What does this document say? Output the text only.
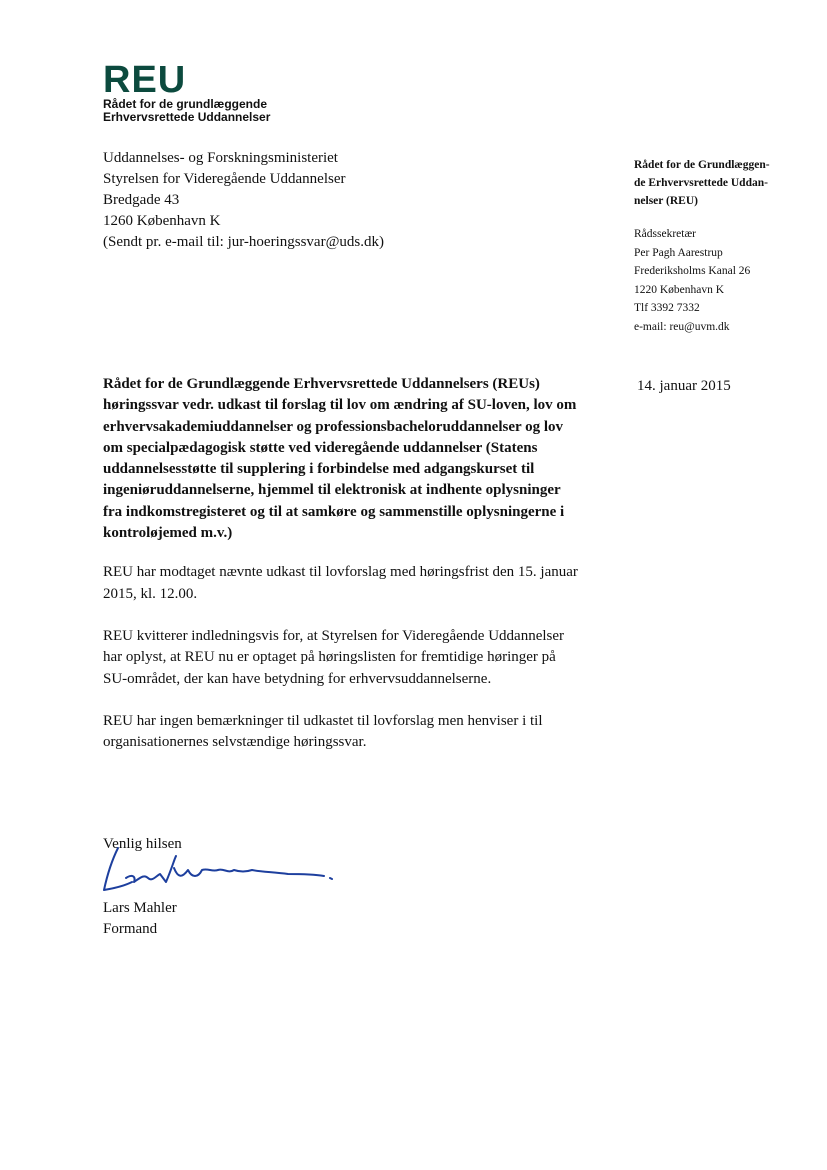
REU
Rådet for de grundlæggende
Erhvervsrettede Uddannelser
Uddannelses- og Forskningsministeriet
Styrelsen for Videregående Uddannelser
Bredgade 43
1260 København K
(Sendt pr. e-mail til: jur-hoeringssvar@uds.dk)
Rådet for de Grundlæggen-
de Erhvervsrettede Uddan-
nelser (REU)
Rådssekretær
Per Pagh Aarestrup
Frederiksholms Kanal 26
1220 København K
Tlf 3392 7332
e-mail: reu@uvm.dk
14. januar 2015

Rådet for de Grundlæggende Erhvervsrettede Uddannelsers (REUs) høringssvar vedr. udkast til forslag til lov om ændring af SU-loven, lov om erhvervsakademiuddannelser og professionsbacheloruddannelser og lov om specialpædagogisk støtte ved videregående uddannelser (Statens uddannelsesstøtte til supplering i forbindelse med adgangskurset til ingeniøruddannelserne, hjemmel til elektronisk at indhente oplysninger fra indkomstregisteret og til at samkøre og sammenstille oplysningerne i kontroløjemed m.v.)

REU har modtaget nævnte udkast til lovforslag med høringsfrist den 15. januar 2015, kl. 12.00.

REU kvitterer indledningsvis for, at Styrelsen for Videregående Uddannelser har oplyst, at REU nu er optaget på høringslisten for fremtidige høringer på SU-området, der kan have betydning for erhvervsuddannelserne.

REU har ingen bemærkninger til udkastet til lovforslag men henviser i til organisationernes selvstændige høringssvar.

Venlig hilsen
Lars Mahler
Formand
